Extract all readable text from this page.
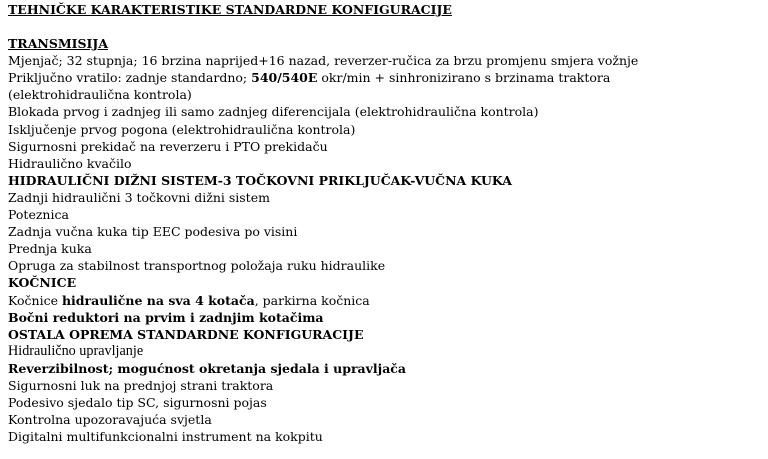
TEHNIČKE KARAKTERISTIKE STANDARDNE KONFIGURACIJE
TRANSMISIJA
Mjenjač; 32 stupnja; 16 brzina naprijed+16 nazad, reverzer-ručica za brzu promjenu smjera vožnje
Priključno vratilo: zadnje standardno; 540/540E okr/min + sinhronizirano s brzinama traktora
(elektrohidraulična kontrola)
Blokada prvog i zadnjeg ili samo zadnjeg diferencijala (elektrohidraulična kontrola)
Isključenje prvog pogona (elektrohidraulična kontrola)
Sigurnosni prekidač na reverzeru i PTO prekidaču
Hidraulično kvačilo
HIDRAULIČNI DIŽNI SISTEM-3 TOČKOVNI PRIKLJUČAK-VUČNA KUKA
Zadnji hidraulični 3 točkovni dižni sistem
Poteznica
Zadnja vučna kuka tip EEC podesiva po visini
Prednja kuka
Opruga za stabilnost transportnog položaja ruku hidraulike
KOČNICE
Kočnice hidraulične na sva 4 kotača, parkirna kočnica
Bočni reduktori na prvim i zadnjim kotačima
OSTALA OPREMA STANDARDNE KONFIGURACIJE
Hidraulično upravljanje
Reverzibilnost; mogućnost okretanja sjedala i upravljača
Sigurnosni luk na prednjoj strani traktora
Podesivo sjedalo tip SC, sigurnosni pojas
Kontrolna upozoravajuća svjetla
Digitalni multifunkcionalni instrument na kokpitu
